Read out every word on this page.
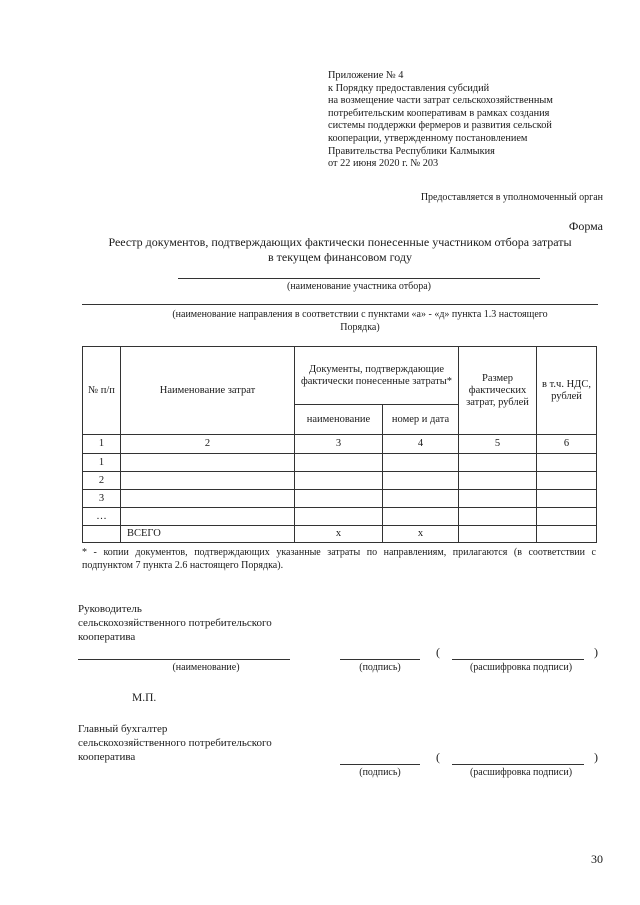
Приложение № 4
к Порядку предоставления субсидий
на возмещение части затрат сельскохозяйственным
потребительским кооперативам в рамках создания
системы поддержки фермеров и развития сельской
кооперации, утвержденному постановлением
Правительства Республики Калмыкия
от 22 июня 2020 г. № 203
Предоставляется в уполномоченный орган
Форма
Реестр документов, подтверждающих фактически понесенные участником отбора затраты
в текущем финансовом году
(наименование участника отбора)
(наименование направления в соответствии с пунктами «а» - «д» пункта 1.3 настоящего
Порядка)
№ п/п	Наименование затрат	Документы, подтверждающие фактически понесенные затраты*		Размер фактических затрат, рублей	в т.ч. НДС, рублей
		наименование	номер и дата		
1	2	3	4	5	6
1					
2					
3					
…					
	ВСЕГО	х	х		
* - копии документов, подтверждающих указанные затраты по направлениям, прилагаются (в соответствии с подпунктом 7 пункта 2.6 настоящего Порядка).
Руководитель
сельскохозяйственного потребительского
кооператива
(наименование)	(подпись)
(	)
(расшифровка подписи)
М.П.
Главный бухгалтер
сельскохозяйственного потребительского
кооператива
(подпись)
(	)
(расшифровка подписи)
30
